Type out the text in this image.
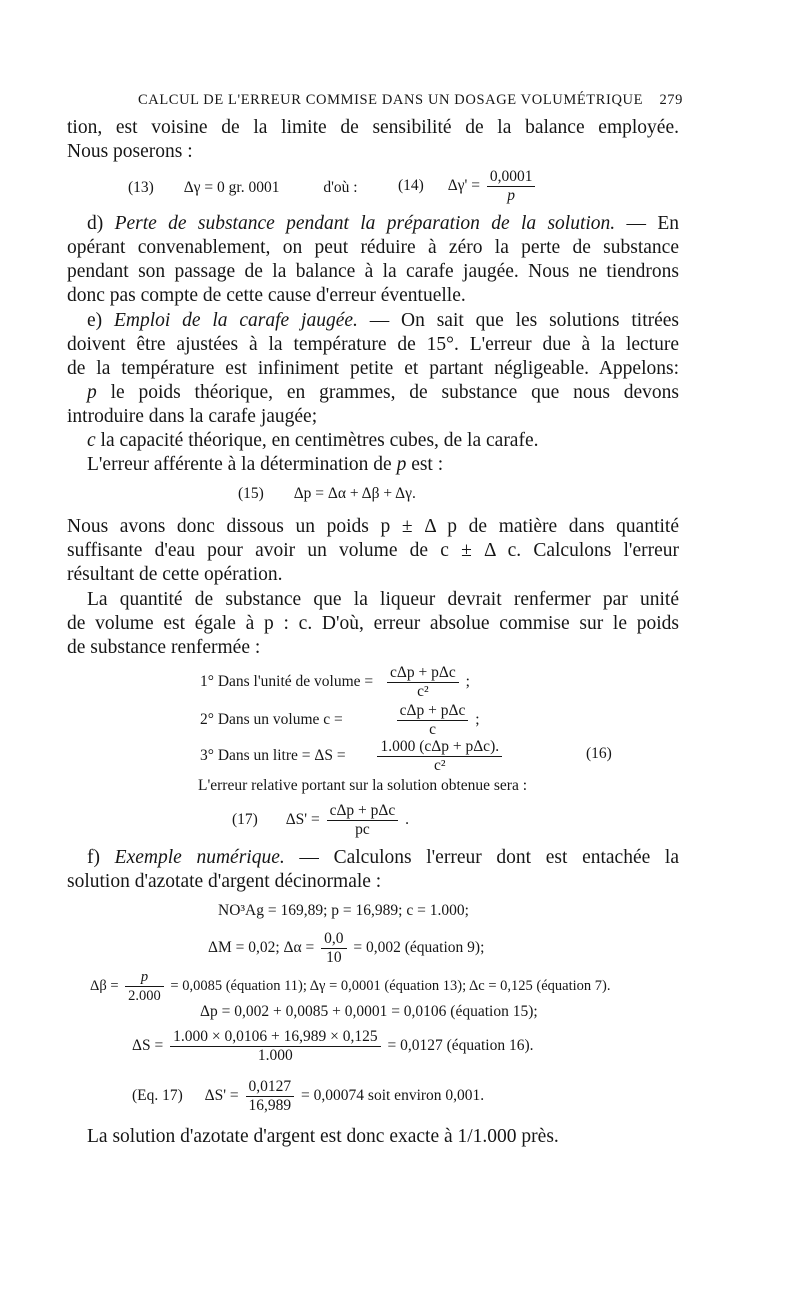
CALCUL DE L'ERREUR COMMISE DANS UN DOSAGE VOLUMÉTRIQUE 279
tion, est voisine de la limite de sensibilité de la balance employée.
Nous poserons :
(13) Δγ = 0 gr. 0001	d'où :	(14) $\Delta\gamma' = \frac{0,0001}{p}$
d) Perte de substance pendant la préparation de la solution. — En
opérant convenablement, on peut réduire à zéro la perte de substance
pendant son passage de la balance à la carafe jaugée. Nous ne tiendrons
donc pas compte de cette cause d'erreur éventuelle.
e) Emploi de la carafe jaugée. — On sait que les solutions titrées
doivent être ajustées à la température de 15°. L'erreur due à la lecture
de la température est infiniment petite et partant négligeable. Appelons:
p le poids théorique, en grammes, de substance que nous devons
introduire dans la carafe jaugée;
c la capacité théorique, en centimètres cubes, de la carafe.
L'erreur afférente à la détermination de p est :
(15) Δp = Δα + Δβ + Δγ.
Nous avons donc dissous un poids p ± Δ p de matière dans quantité
suffisante d'eau pour avoir un volume de c ± Δ c. Calculons l'erreur
résultant de cette opération.
La quantité de substance que la liqueur devrait renfermer par unité
de volume est égale à p : c. D'où, erreur absolue commise sur le poids
de substance renfermée :
1° Dans l'unité de volume = $\frac{\text{cΔp + pΔc}}{\text{c²}}$ ;
2° Dans un volume c =	$\frac{\text{cΔp + pΔc}}{c}$ ;
3° Dans un litre = $\Delta S = \frac{\text{1.000 (cΔp + pΔc).}}{\text{c²}}$	(16)
L'erreur relative portant sur la solution obtenue sera :
(17) $\Delta S' = \frac{\text{cΔp + pΔc}}{pc}$ .
f) Exemple numérique. — Calculons l'erreur dont est entachée la
solution d'azotate d'argent décinormale :
NO³Ag = 169,89; p = 16,989; c = 1.000;
ΔM = 0,02; $\Delta\alpha = \frac{0,0}{10} = 0,002$ (équation 9);
$\Delta\beta = \frac{p}{2.000} = 0,0085$ (équation 11); Δγ = 0,0001 (équation 13); Δc = 0,125 (équation 7).
Δp = 0,002 + 0,0085 + 0,0001 = 0,0106 (équation 15);
$\Delta S = \frac{1.000 \times 0,0106 + 16,989 \times 0,125}{1.000} = 0,0127$ (équation 16).
(Eq. 17) $\Delta S' = \frac{0,0127}{16,989} = 0,00074$ soit environ 0,001.
La solution d'azotate d'argent est donc exacte à 1/1.000 près.
